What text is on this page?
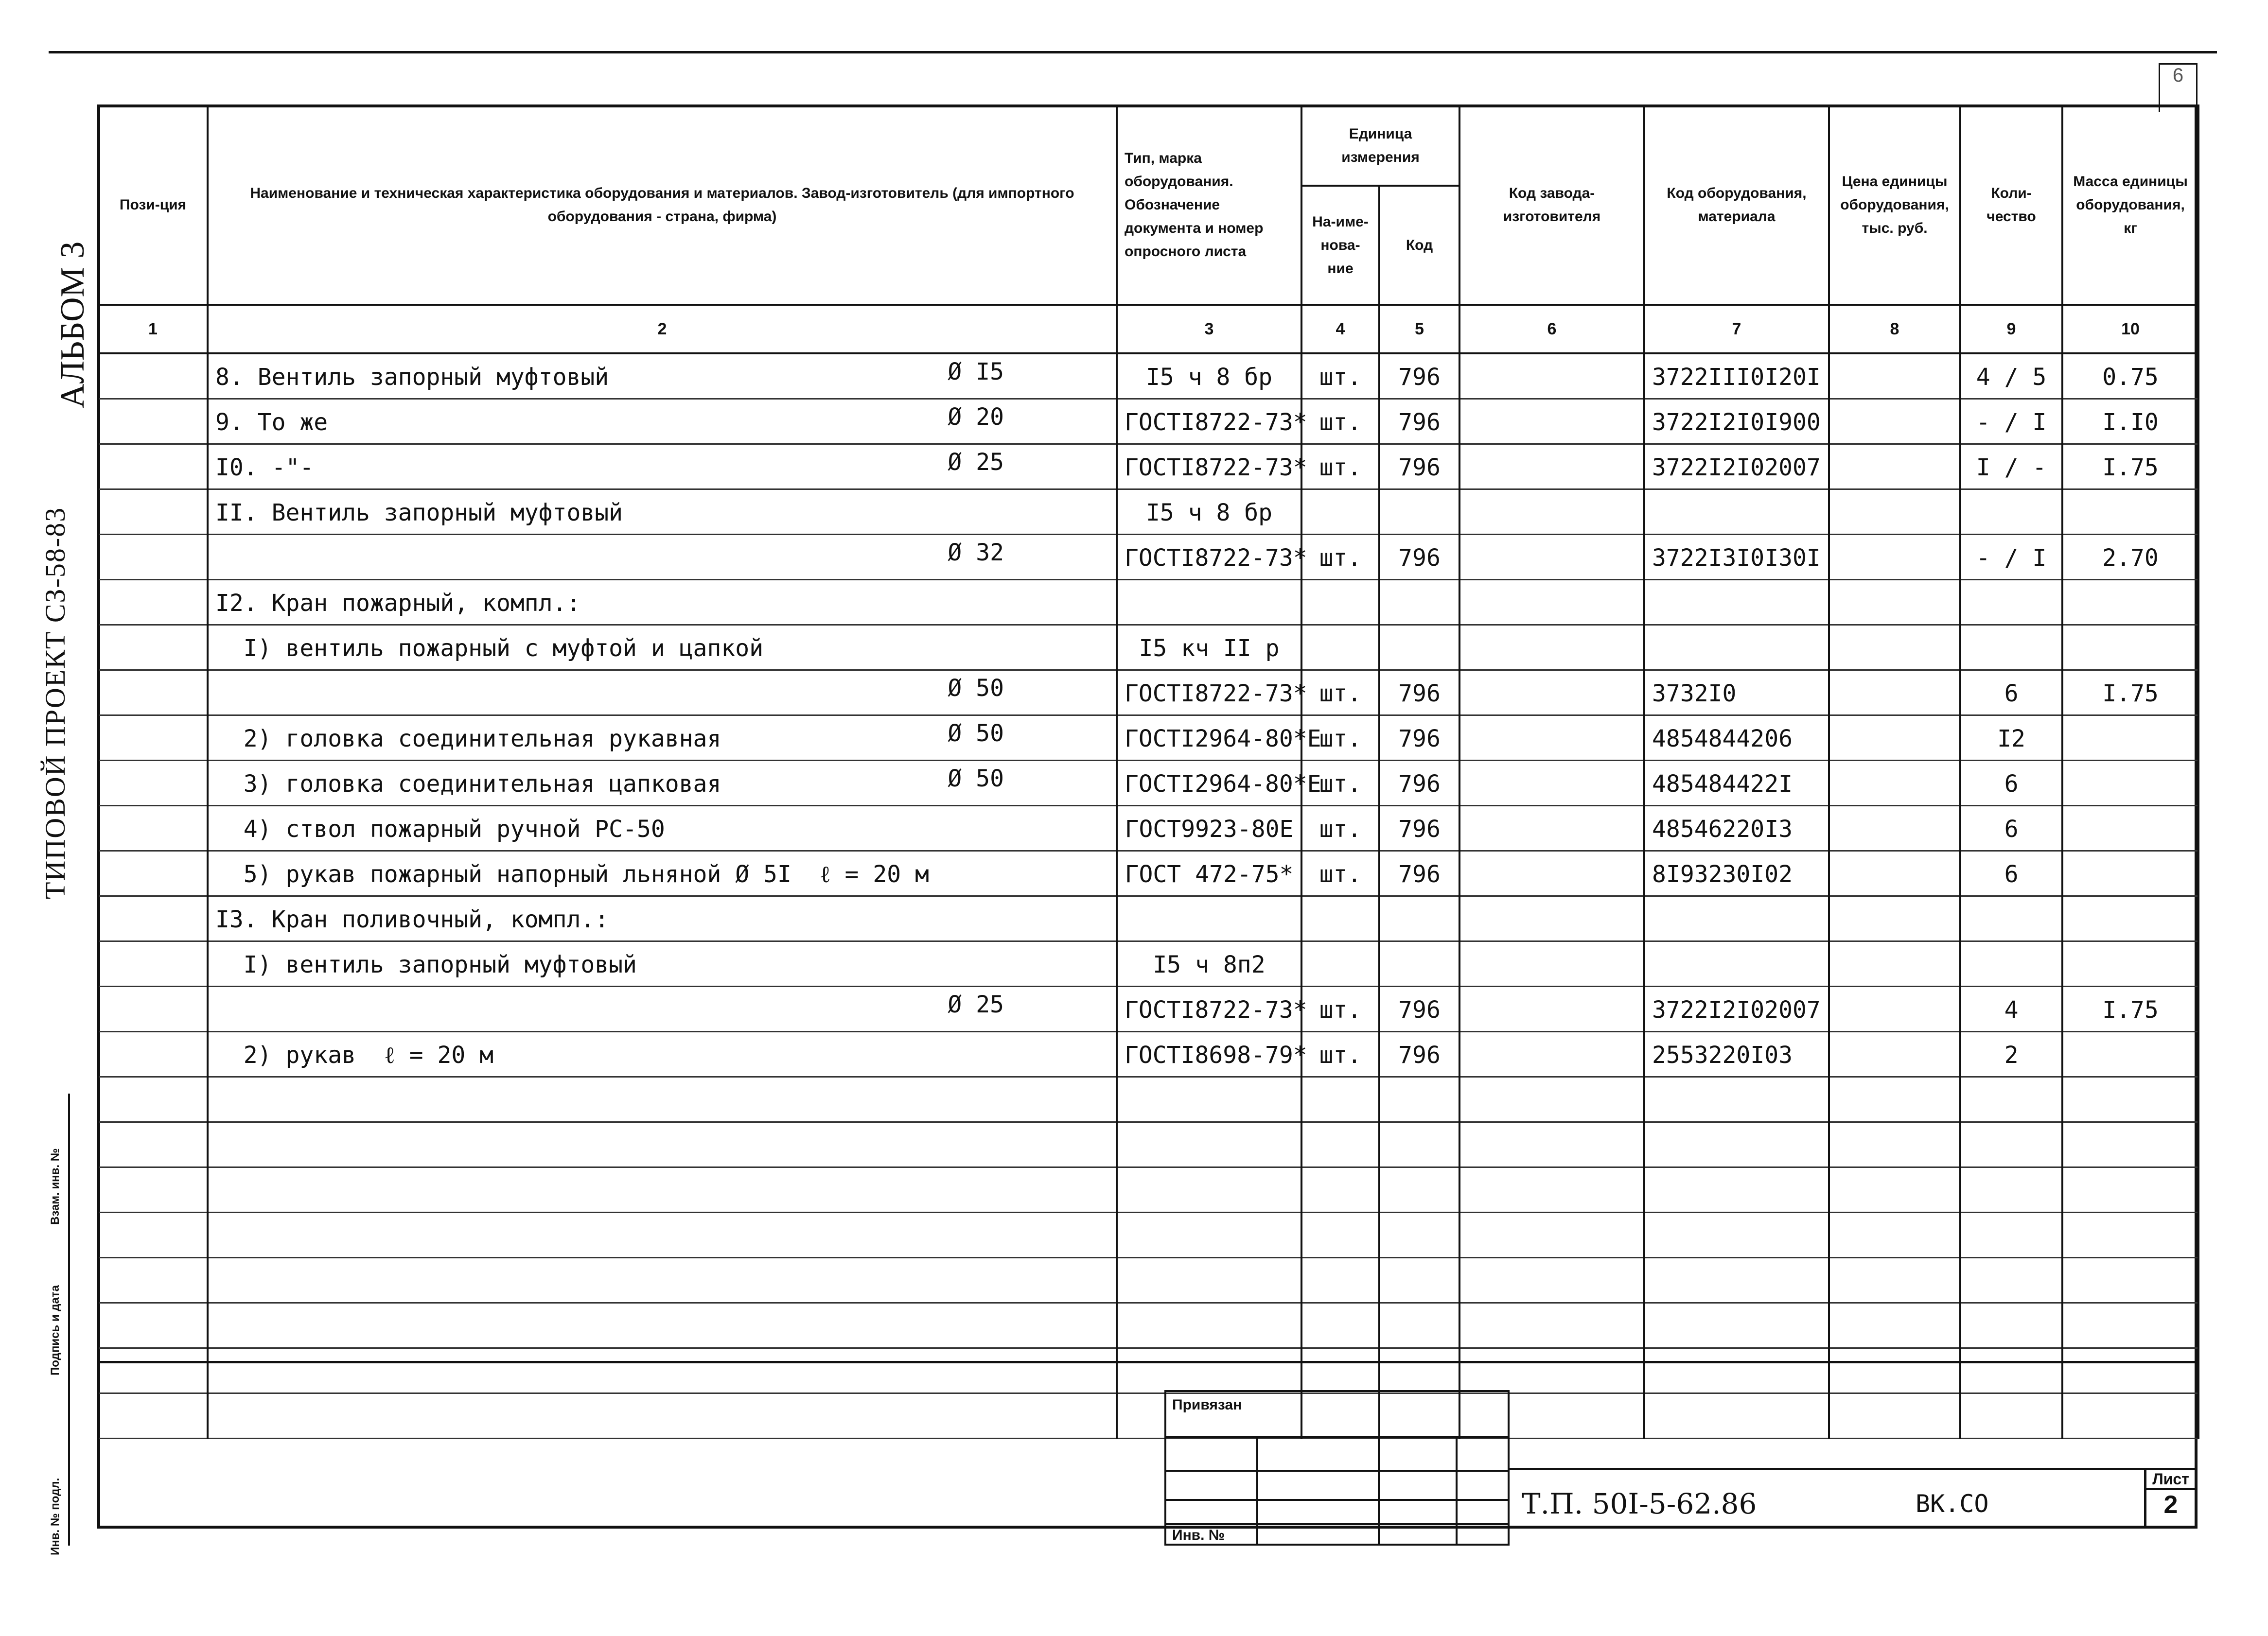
6
АЛЬБОМ 3
ТИПОВОЙ ПРОЕКТ СЗ-58-83
Инв. № подл.
Подпись и дата
Взам. инв. №
Пози-ция	Наименование и техническая характеристика оборудования и материалов. Завод-изготовитель (для импортного оборудования - страна, фирма)	Тип, марка оборудования. Обозначение документа и номер опросного листа	Единица измерения		Код завода-изготовителя	Код оборудования, материала	Цена единицы оборудования, тыс. руб.	Коли-чество	Масса единицы оборудования, кг
			На-име-нова-ние	Код					
1	2	3	4	5	6	7	8	9	10
	8. Вентиль запорный муфтовый Ø I5	I5 ч 8 бр	шт.	796		3722III0I20I		4 / 5	0.75
	9. То же Ø 20	ГОСТI8722-73*	шт.	796		3722I2I0I900		- / I	I.I0
	I0. -"- Ø 25	ГОСТI8722-73*	шт.	796		3722I2I02007		I / -	I.75
	II. Вентиль запорный муфтовый	I5 ч 8 бр							

	Ø 32	ГОСТI8722-73*	шт.	796		3722I3I0I30I		- / I	2.70
	I2. Кран пожарный, компл.:

	I) вентиль пожарный с муфтой и цапкой	I5 кч II р							

	Ø 50	ГОСТI8722-73*	шт.	796		3732I0		6	I.75
	2) головка соединительная рукавная Ø 50	ГОСТI2964-80*Е	шт.	796		4854844206		I2	
	3) головка соединительная цапковая Ø 50	ГОСТI2964-80*Е	шт.	796		485484422I		6	
	4) ствол пожарный ручной РС-50	ГОСТ9923-80Е	шт.	796		48546220I3		6	
	5) рукав пожарный напорный льняной Ø 5I  ℓ = 20 м	ГОСТ 472-75*	шт.	796		8I93230I02		6	
	I3. Кран поливочный, компл.:

	I) вентиль запорный муфтовый	I5 ч 8п2							

	Ø 25	ГОСТI8722-73*	шт.	796		3722I2I02007		4	I.75
	2) рукав  ℓ = 20 м	ГОСТI8698-79*	шт.	796		2553220I03		2	

Привязан
Инв. №
Т.П. 50I-5-62.86	ВК.СО
Лист
2
